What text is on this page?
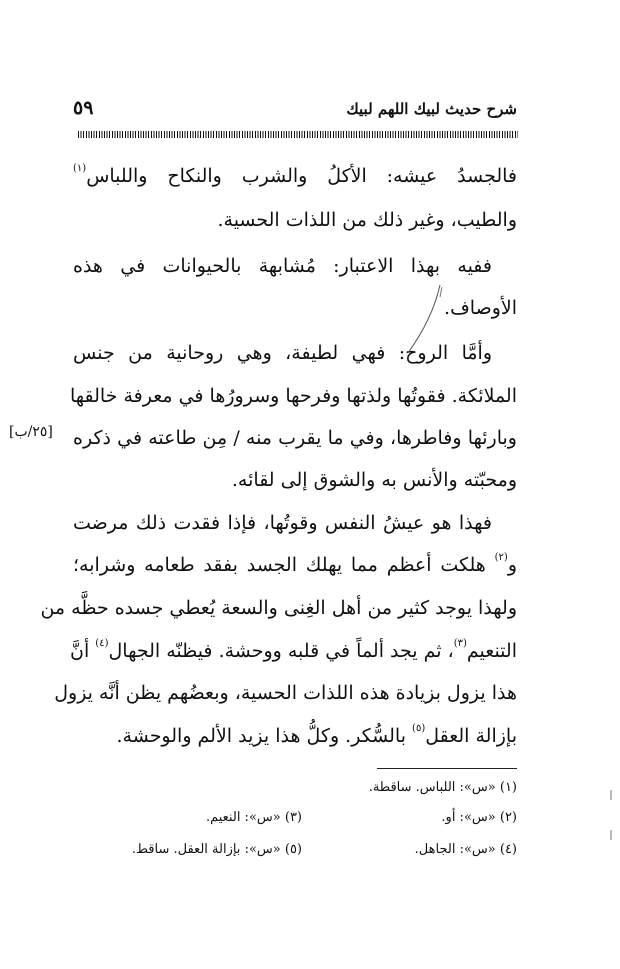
شرح حديث لبيك اللهم لبيك
٥٩
فالجسدُ عيشه: الأكلُ والشرب والنكاح واللباس$^{(١)}$
والطيب، وغير ذلك من اللذات الحسية.
ففيه بهذا الاعتبار: مُشابهة بالحيوانات في هذه
الأوصاف.
وأمَّا الروح: فهي لطيفة، وهي روحانية من جنس
الملائكة. فقوتُها ولذتها وفرحها وسرورُها في معرفة خالقها
وبارئها وفاطرها، وفي ما يقرب منه / مِن طاعته في ذكره
ومحبّته والأنس به والشوق إلى لقائه.
فهذا هو عيشُ النفس وقوتُها، فإذا فقدت ذلك مرضت
و$^{(٢)}$ هلكت أعظم مما يهلك الجسد بفقد طعامه وشرابه؛
ولهذا يوجد كثير من أهل الغِنى والسعة يُعطي جسده حظَّه من
التنعيم$^{(٣)}$، ثم يجد ألماً في قلبه ووحشة. فيظنّه الجهال$^{(٤)}$ أنَّ
هذا يزول بزيادة هذه اللذات الحسية، وبعضُهم يظن أنَّه يزول
بإزالة العقل$^{(٥)}$ بالسُّكر. وكلُّ هذا يزيد الألم والوحشة.
[٢٥/ب]
(١) «س»: اللباس. ساقطة.
(٢) «س»: أو.
(٣) «س»: النعيم.
(٤) «س»: الجاهل.
(٥) «س»: بإزالة العقل. ساقط.
